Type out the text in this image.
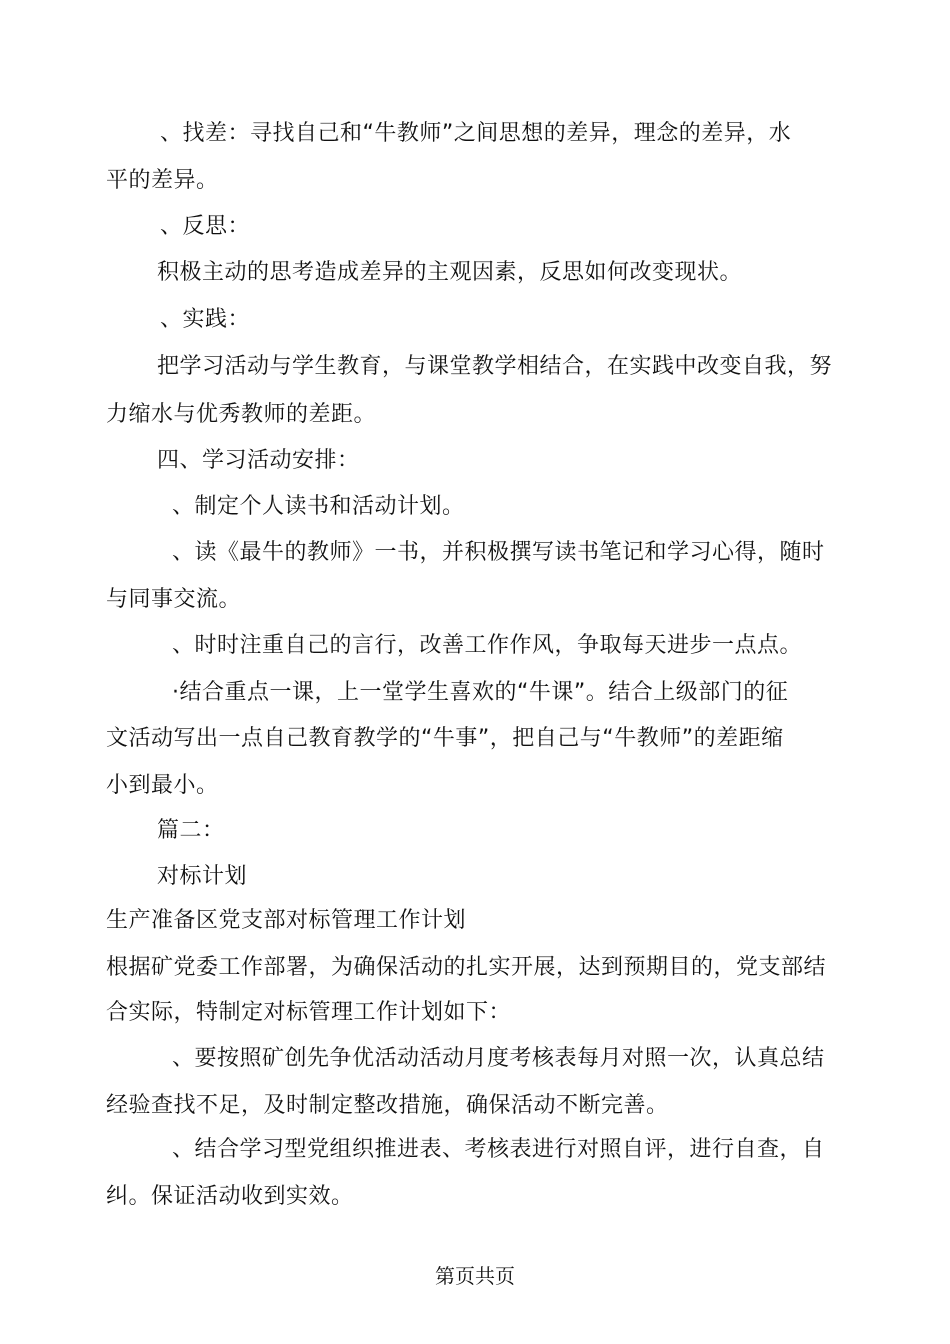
、找差：寻找自己和“牛教师”之间思想的差异，理念的差异，水
平的差异。
、反思：
积极主动的思考造成差异的主观因素，反思如何改变现状。
、实践：
把学习活动与学生教育，与课堂教学相结合，在实践中改变自我，努
力缩水与优秀教师的差距。
四、学习活动安排：
、制定个人读书和活动计划。
、读《最牛的教师》一书，并积极撰写读书笔记和学习心得，随时
与同事交流。
、时时注重自己的言行，改善工作作风，争取每天进步一点点。
·结合重点一课，上一堂学生喜欢的“牛课”。结合上级部门的征
文活动写出一点自己教育教学的“牛事”，把自己与“牛教师”的差距缩
小到最小。
篇二：
对标计划
生产准备区党支部对标管理工作计划
根据矿党委工作部署，为确保活动的扎实开展，达到预期目的，党支部结
合实际，特制定对标管理工作计划如下：
、要按照矿创先争优活动活动月度考核表每月对照一次，认真总结
经验查找不足，及时制定整改措施，确保活动不断完善。
、结合学习型党组织推进表、考核表进行对照自评，进行自查，自
纠。保证活动收到实效。
第页共页
